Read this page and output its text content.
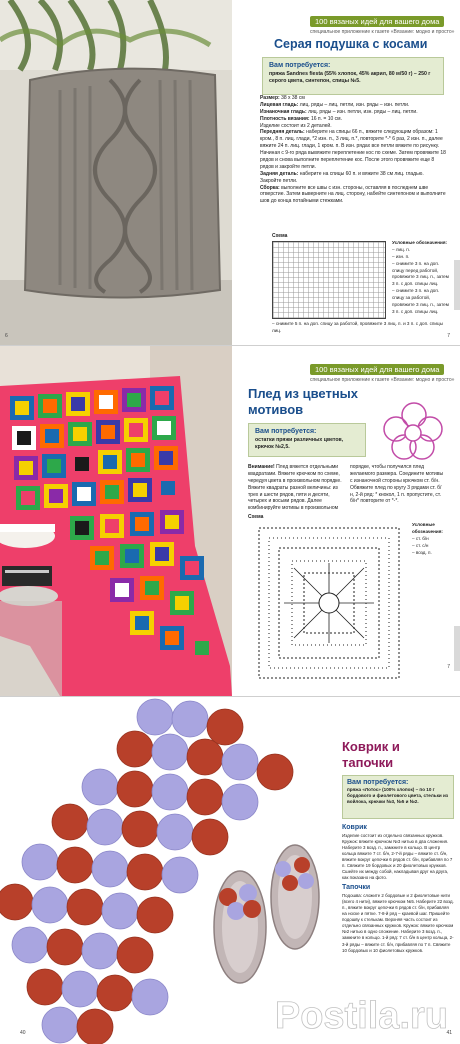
100 вязаных идей для вашего дома
специальное приложение к газете «Вязание: модно и просто»
Серая подушка с косами
Вам потребуется:
пряжа Sandnes fiesta (55% хлопок, 45% акрил, 80 м/50 г) – 250 г серого цвета, синтепон, спицы №5.
Размер: 38 х 38 см
Лицевая гладь: лиц. ряды – лиц. петли, изн. ряды – изн. петли.
Изнаночная гладь: лиц. ряды – изн. петли, изн. ряды – лиц. петли.
Плотность вязания: 16 п. = 10 см.
Изделие состоит из 2 деталей.
Передняя деталь: наберите на спицы 66 п., вяжите следующим образом: 1 кром., 8 п. лиц. глади, *2 изн. п., 3 лиц. п.*, повторите *-* 6 раз, 2 изн. п., далее вяжите 24 п. лиц. глади, 1 кром. п. В изн. рядах все петли вяжите по рисунку. Начиная с 9-го ряда вывяжите переплетение кос по схеме. Затем провяжите 18 рядов и снова выполните переплетение кос. После этого провяжите еще 8 рядов и закройте петли.
Задняя деталь: наберите на спицы 60 п. и вяжите 38 см лиц. гладью. Закройте петли.
Сборка: выполните все швы с изн. стороны, оставляя в последнем шве отверстие. Затем выверните на лиц. сторону, набейте синтепоном и выполните шов до конца потайными стежками.
Схема
Условные обозначения:
– лиц. п.
– изн. п.
– снимите 3 п. на доп. спицу перед работой, провяжите 3 лиц. п., затем 3 п. с доп. спицы лиц.
– снимите 3 п. на доп. спицу за работой, провяжите 3 лиц. п., затем 3 п. с доп. спицы лиц.
– снимите 5 п. на доп. спицу за работой, провяжите 3 лиц. п. и 3 п. с доп. спицы лиц.
7
6
100 вязаных идей для вашего дома
специальное приложение к газете «Вязание: модно и просто»
Плед из цветных мотивов
Вам потребуется:
остатки пряжи различных цветов, крючок №2,5.
Внимание! Плед вяжется отдельными квадратами. Вяжите крючком по схеме, чередуя цвета в произвольном порядке. Вяжите квадраты разной величины: из трех и шести рядов, пяти и десяти, четырех и восьми рядов. Далее комбинируйте мотивы в произвольном порядке, чтобы получился плед желаемого размера. Соедините мотивы с изнаночной стороны крючком ст. б/н. Обвяжите плед по кругу 3 рядами ст. б/н, 2-й ряд: * кнокол, 1 п. пропустите, ст. б/н* повторите от *-*.
Схема
Условные обозначения:
– ст. б/н
– ст. с/н
– возд. п.
7
Коврик и тапочки
Вам потребуется:
пряжа «Лотос» (100% хлопок) – по 10 г бордового и фиолетового цвета, стельки из войлока, крючки №3, №5 и №2.
Коврик
Изделие состоит из отдельно связанных кружков. Кружок: вяжите крючком №3 нитью в два сложения. Наберите 3 возд. п., замкните в кольцо. В центр кольца вяжите 7 ст. б/н, 2-7-й ряды – вяжите ст. б/н, вяжите вокруг цепочки 6 рядов ст. б/н, прибавляя по 7 п. Свяжите 19 бордовых и 20 фиолетовых кружков. Сшейте их между собой, накладывая друг на друга, как показано на фото.
Тапочки
Подошва: сложите 2 бордовые и 2 фиолетовые нити (всего 4 нити), вяжите крючком №5. Наберите 22 возд. п., вяжите вокруг цепочки 6 рядов ст. б/н, прибавляя на носке и пятке. 7-8-й ряд – краевой шаг. Пришейте подошву к стелькам. Верхняя часть состоит из отдельно связанных кружков. Кружок: вяжите крючком №2 нитью в одно сложение. Наберите 3 возд. п., замкните в кольцо. 1-й ряд: 7 ст. б/н в центр кольца, 2-3-й ряды – вяжите ст. б/н, прибавляя по 7 п. Свяжите 10 бордовых и 10 фиолетовых кружков.
41
40	Postila.ru
